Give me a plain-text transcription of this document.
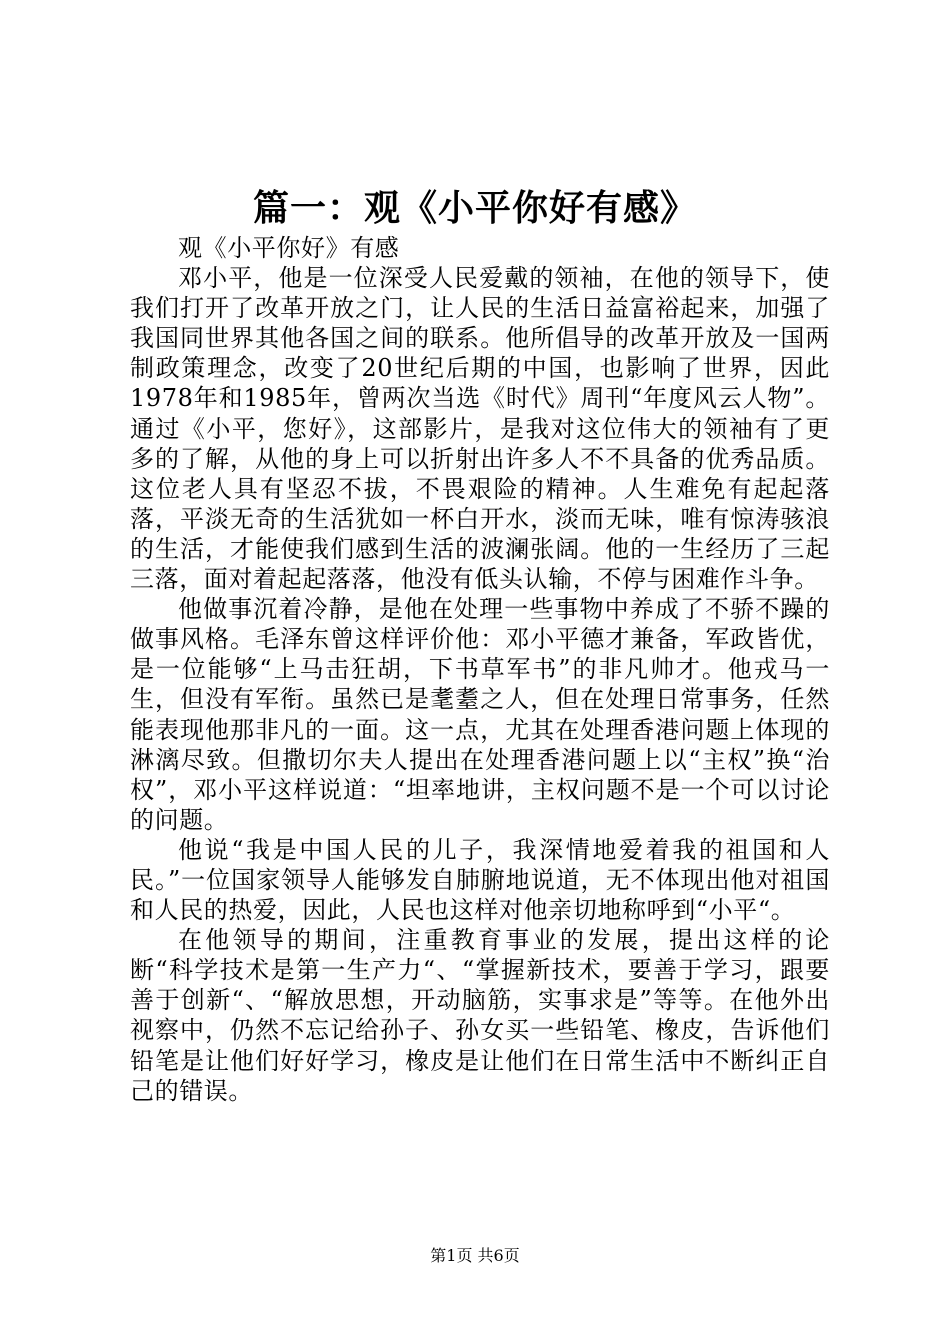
篇一：观《小平你好有感》

观《小平你好》有感

邓小平，他是一位深受人民爱戴的领袖，在他的领导下，使我们打开了改革开放之门，让人民的生活日益富裕起来，加强了我国同世界其他各国之间的联系。他所倡导的改革开放及一国两制政策理念，改变了20世纪后期的中国，也影响了世界，因此1978年和1985年，曾两次当选《时代》周刊“年度风云人物”。通过《小平，您好》，这部影片，是我对这位伟大的领袖有了更多的了解，从他的身上可以折射出许多人不不具备的优秀品质。这位老人具有坚忍不拔，不畏艰险的精神。人生难免有起起落落，平淡无奇的生活犹如一杯白开水，淡而无味，唯有惊涛骇浪的生活，才能使我们感到生活的波澜张阔。他的一生经历了三起三落，面对着起起落落，他没有低头认输，不停与困难作斗争。

他做事沉着冷静，是他在处理一些事物中养成了不骄不躁的做事风格。毛泽东曾这样评价他：邓小平德才兼备，军政皆优，是一位能够“上马击狂胡，下书草军书”的非凡帅才。他戎马一生，但没有军衔。虽然已是耄耋之人，但在处理日常事务，任然能表现他那非凡的一面。这一点，尤其在处理香港问题上体现的淋漓尽致。但撒切尔夫人提出在处理香港问题上以“主权”换“治权”，邓小平这样说道：“坦率地讲，主权问题不是一个可以讨论的问题。

他说“我是中国人民的儿子，我深情地爱着我的祖国和人民。”一位国家领导人能够发自肺腑地说道，无不体现出他对祖国和人民的热爱，因此，人民也这样对他亲切地称呼到“小平“。

在他领导的期间，注重教育事业的发展，提出这样的论断“科学技术是第一生产力“、“掌握新技术，要善于学习，跟要善于创新“、“解放思想，开动脑筋，实事求是”等等。在他外出视察中，仍然不忘记给孙子、孙女买一些铅笔、橡皮，告诉他们铅笔是让他们好好学习，橡皮是让他们在日常生活中不断纠正自己的错误。

第1页 共6页
